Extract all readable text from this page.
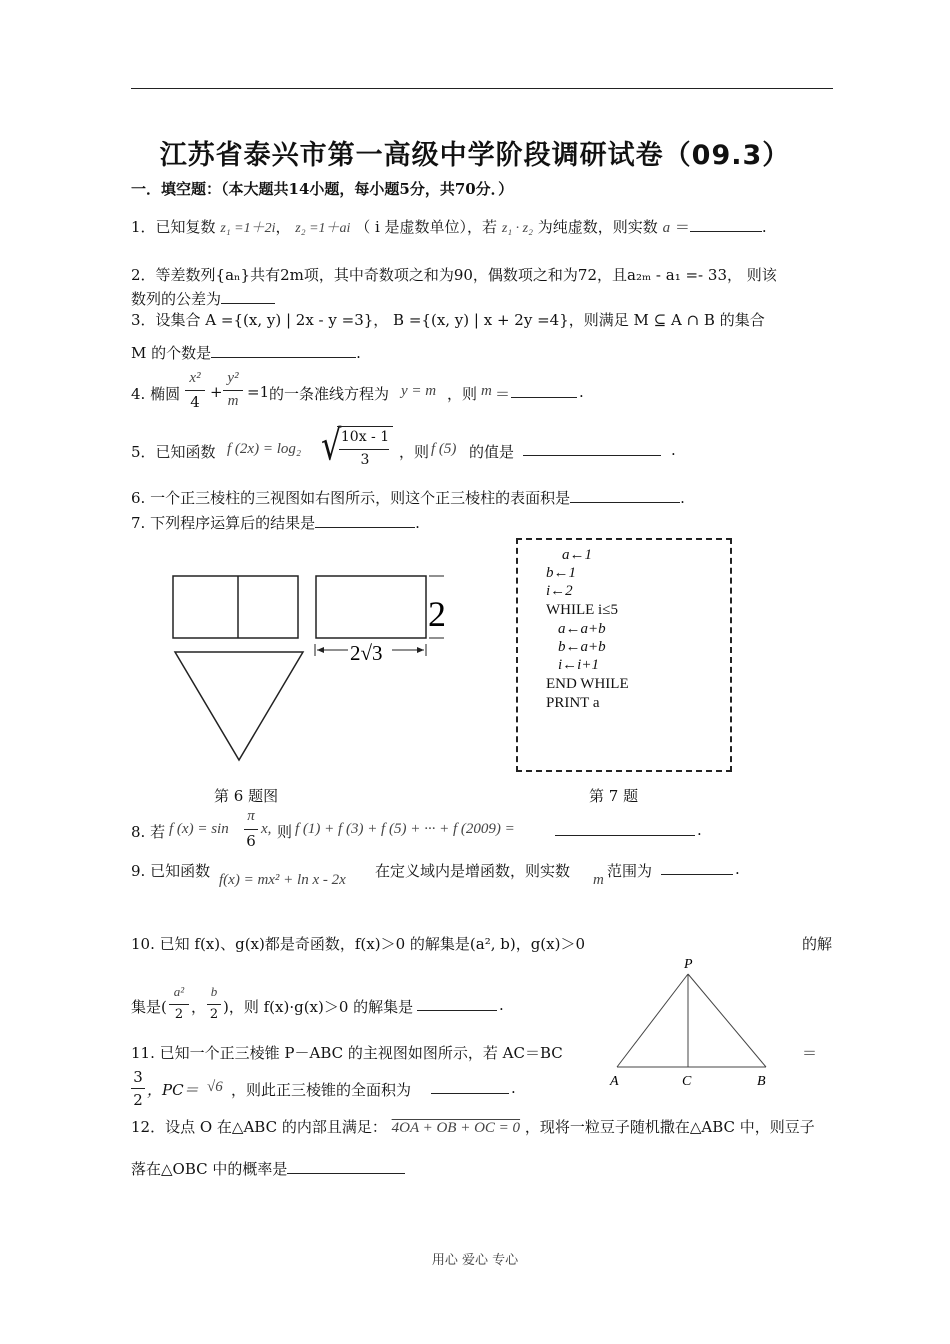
江苏省泰兴市第一高级中学阶段调研试卷（09.3）
一．填空题：（本大题共14小题，每小题5分，共70分．）
1．已知复数 z₁ =1＋2i， z₂ =1＋ai （ i 是虚数单位），若 z₁ · z₂ 为纯虚数，则实数 a ＝	.
2．等差数列{aₙ}共有2m项，其中奇数项之和为90，偶数项之和为72，且a₂ₘ - a₁ =- 33， 则该
数列的公差为
3．设集合 A ={(x, y) | 2x - y =3}， B ={(x, y) | x + 2y =4}，则满足 M ⊆ A ∩ B 的集合
M 的个数是	.
4. 椭圆
x²
4
+
y²
m =1 的一条准线方程为 y = m ，则 m ＝	.
5．已知函数 f (2x) = log₂ √ 10x - 1
3	，则 f (5) 的值是	.
6. 一个正三棱柱的三视图如右图所示，则这个正三棱柱的表面积是	.
7. 下列程序运算后的结果是	.
2
2√3
第 6 题图
a←1
b←1
i←2
WHILE i≤5
a←a+b
b←a+b
i←i+1
END WHILE
PRINT a
第 7 题
8. 若 f (x) = sin
π
6
x, 则 f (1) + f (3) + f (5) + ··· + f (2009) =	.
9. 已知函数 f(x) = mx² + ln x - 2x 在定义域内是增函数，则实数 m 范围为	.
10. 已知 f(x)、g(x)都是奇函数，f(x)＞0 的解集是(a², b)，g(x)＞0	的解
集是(
a²
2 ，
b
2 )，则 f(x)·g(x)＞0 的解集是	.
P
A	C	B
11. 已知一个正三棱锥 P－ABC 的主视图如图所示，若 AC＝BC	＝
3
2
，PC＝ √6 ，则此正三棱锥的全面积为	.
12．设点 O 在△ABC 的内部且满足： 4OA + OB + OC = 0 ，现将一粒豆子随机撒在△ABC 中，则豆子
落在△OBC 中的概率是
用心 爱心 专心
